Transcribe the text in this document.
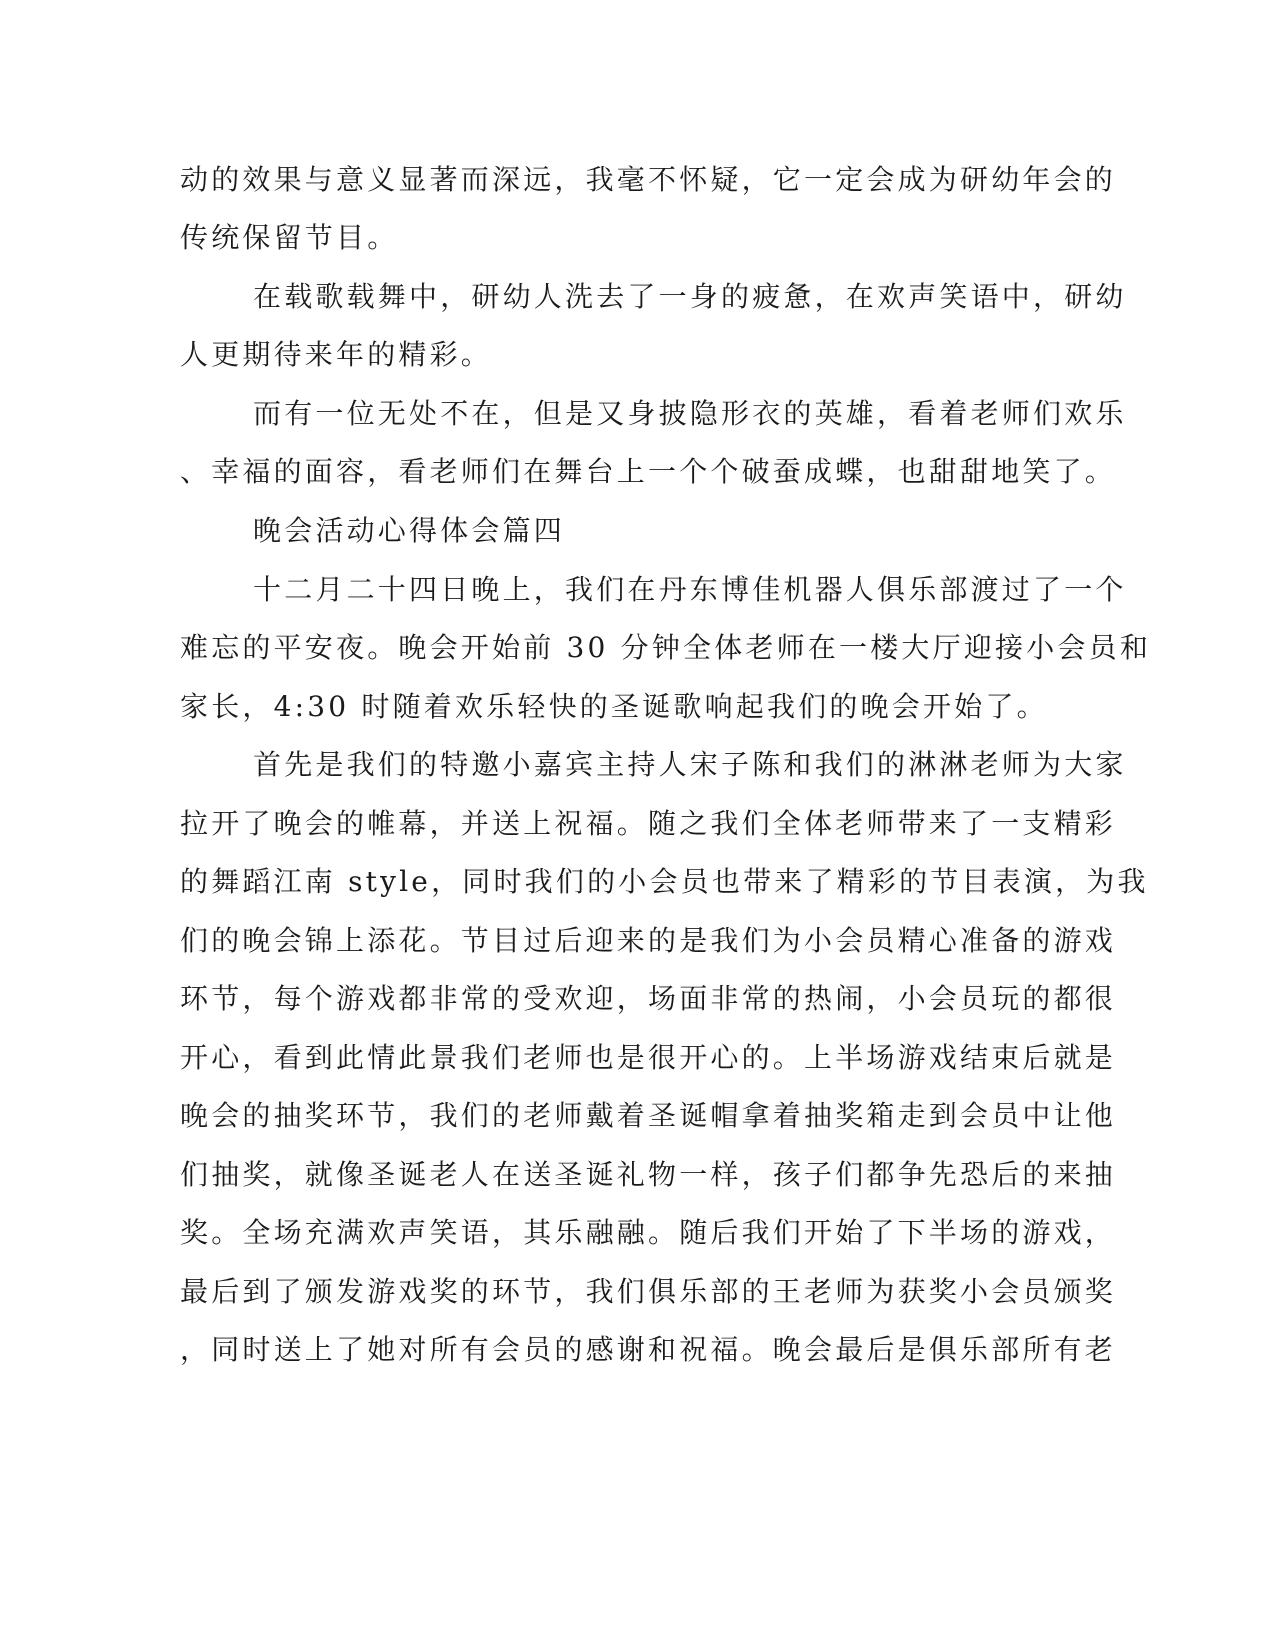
动的效果与意义显著而深远，我毫不怀疑，它一定会成为研幼年会的
传统保留节目。
在载歌载舞中，研幼人洗去了一身的疲惫，在欢声笑语中，研幼
人更期待来年的精彩。
而有一位无处不在，但是又身披隐形衣的英雄，看着老师们欢乐
、幸福的面容，看老师们在舞台上一个个破蚕成蝶，也甜甜地笑了。
晚会活动心得体会篇四
十二月二十四日晚上，我们在丹东博佳机器人俱乐部渡过了一个
难忘的平安夜。晚会开始前 30 分钟全体老师在一楼大厅迎接小会员和
家长，4:30 时随着欢乐轻快的圣诞歌响起我们的晚会开始了。
首先是我们的特邀小嘉宾主持人宋子陈和我们的淋淋老师为大家
拉开了晚会的帷幕，并送上祝福。随之我们全体老师带来了一支精彩
的舞蹈江南 style，同时我们的小会员也带来了精彩的节目表演，为我
们的晚会锦上添花。节目过后迎来的是我们为小会员精心准备的游戏
环节，每个游戏都非常的受欢迎，场面非常的热闹，小会员玩的都很
开心，看到此情此景我们老师也是很开心的。上半场游戏结束后就是
晚会的抽奖环节，我们的老师戴着圣诞帽拿着抽奖箱走到会员中让他
们抽奖，就像圣诞老人在送圣诞礼物一样，孩子们都争先恐后的来抽
奖。全场充满欢声笑语，其乐融融。随后我们开始了下半场的游戏，
最后到了颁发游戏奖的环节，我们俱乐部的王老师为获奖小会员颁奖
，同时送上了她对所有会员的感谢和祝福。晚会最后是俱乐部所有老
